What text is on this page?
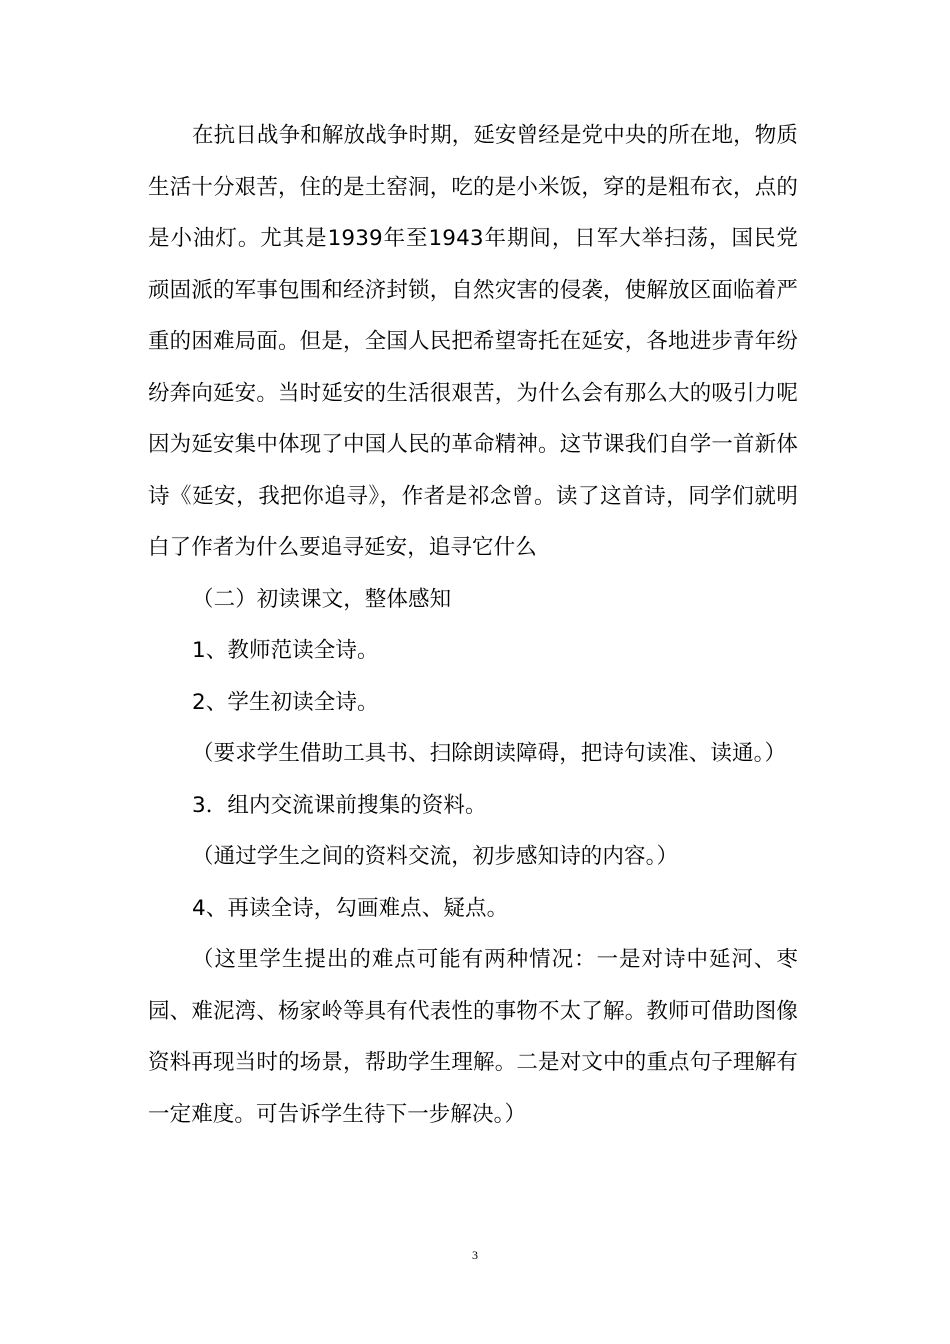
在抗日战争和解放战争时期，延安曾经是党中央的所在地，物质生活十分艰苦，住的是土窑洞，吃的是小米饭，穿的是粗布衣，点的是小油灯。尤其是1939年至1943年期间，日军大举扫荡，国民党顽固派的军事包围和经济封锁，自然灾害的侵袭，使解放区面临着严重的困难局面。但是，全国人民把希望寄托在延安，各地进步青年纷纷奔向延安。当时延安的生活很艰苦，为什么会有那么大的吸引力呢因为延安集中体现了中国人民的革命精神。这节课我们自学一首新体诗《延安，我把你追寻》，作者是祁念曾。读了这首诗，同学们就明白了作者为什么要追寻延安，追寻它什么

（二）初读课文，整体感知

1、教师范读全诗。

2、学生初读全诗。

（要求学生借助工具书、扫除朗读障碍，把诗句读准、读通。）

3．组内交流课前搜集的资料。

（通过学生之间的资料交流，初步感知诗的内容。）

4、再读全诗，勾画难点、疑点。

（这里学生提出的难点可能有两种情况：一是对诗中延河、枣园、难泥湾、杨家岭等具有代表性的事物不太了解。教师可借助图像资料再现当时的场景，帮助学生理解。二是对文中的重点句子理解有一定难度。可告诉学生待下一步解决。）

3
